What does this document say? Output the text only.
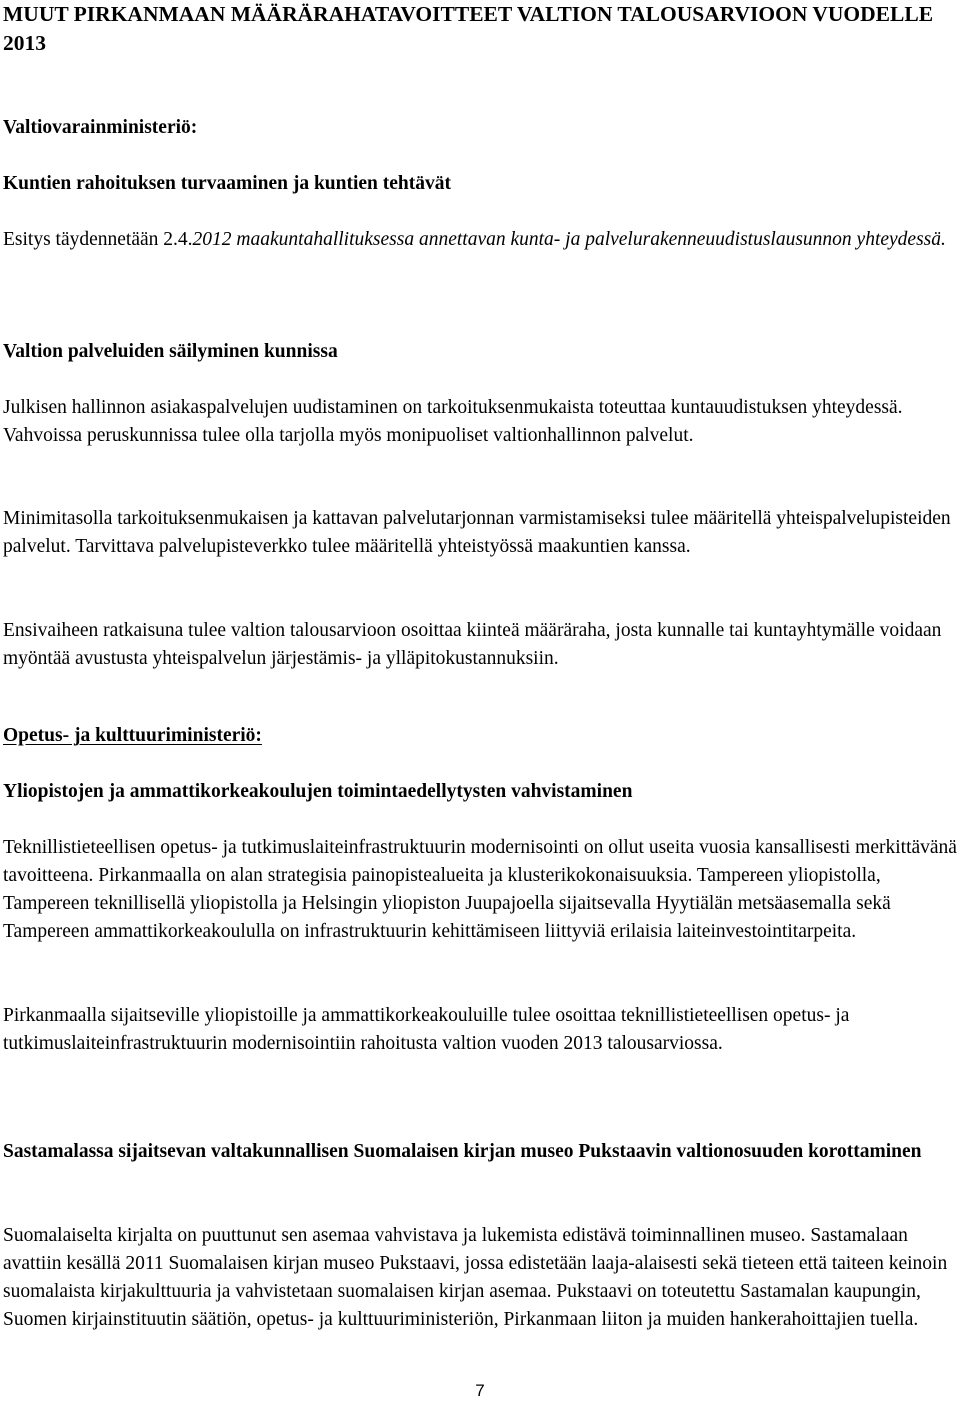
MUUT PIRKANMAAN MÄÄRÄRAHATAVOITTEET VALTION TALOUSARVIOON VUODELLE 2013

Valtiovarainministeriö:

Kuntien rahoituksen turvaaminen ja kuntien tehtävät

Esitys täydennetään 2.4.2012 maakuntahallituksessa annettavan kunta- ja palvelurakenneuudistuslausunnon yhteydessä.

Valtion palveluiden säilyminen kunnissa

Julkisen hallinnon asiakaspalvelujen uudistaminen on tarkoituksenmukaista toteuttaa kuntauudistuksen yhteydessä. Vahvoissa peruskunnissa tulee olla tarjolla myös monipuoliset valtionhallinnon palvelut.

Minimitasolla tarkoituksenmukaisen ja kattavan palvelutarjonnan varmistamiseksi tulee määritellä yhteispalvelupisteiden palvelut. Tarvittava palvelupisteverkko tulee määritellä yhteistyössä maakuntien kanssa.

Ensivaiheen ratkaisuna tulee valtion talousarvioon osoittaa kiinteä määräraha, josta kunnalle tai kuntayhtymälle voidaan myöntää avustusta yhteispalvelun järjestämis- ja ylläpitokustannuksiin.

Opetus- ja kulttuuriministeriö:

Yliopistojen ja ammattikorkeakoulujen toimintaedellytysten vahvistaminen

Teknillistieteellisen opetus- ja tutkimuslaiteinfrastruktuurin modernisointi on ollut useita vuosia kansallisesti merkittävänä tavoitteena. Pirkanmaalla on alan strategisia painopistealueita ja klusterikokonaisuuksia. Tampereen yliopistolla, Tampereen teknillisellä yliopistolla ja Helsingin yliopiston Juupajoella sijaitsevalla Hyytiälän metsäasemalla sekä Tampereen ammattikorkeakoululla on infrastruktuurin kehittämiseen liittyviä erilaisia laiteinvestointitarpeita.

Pirkanmaalla sijaitseville yliopistoille ja ammattikorkeakouluille tulee osoittaa teknillistieteellisen opetus- ja tutkimuslaiteinfrastruktuurin modernisointiin rahoitusta valtion vuoden 2013 talousarviossa.

Sastamalassa sijaitsevan valtakunnallisen Suomalaisen kirjan museo Pukstaavin valtionosuuden korottaminen

Suomalaiselta kirjalta on puuttunut sen asemaa vahvistava ja lukemista edistävä toiminnallinen museo. Sastamalaan avattiin kesällä 2011 Suomalaisen kirjan museo Pukstaavi, jossa edistetään laaja-alaisesti sekä tieteen että taiteen keinoin suomalaista kirjakulttuuria ja vahvistetaan suomalaisen kirjan asemaa. Pukstaavi on toteutettu Sastamalan kaupungin, Suomen kirjainstituutin säätiön, opetus- ja kulttuuriministeriön, Pirkanmaan liiton ja muiden hankerahoittajien tuella.

7
